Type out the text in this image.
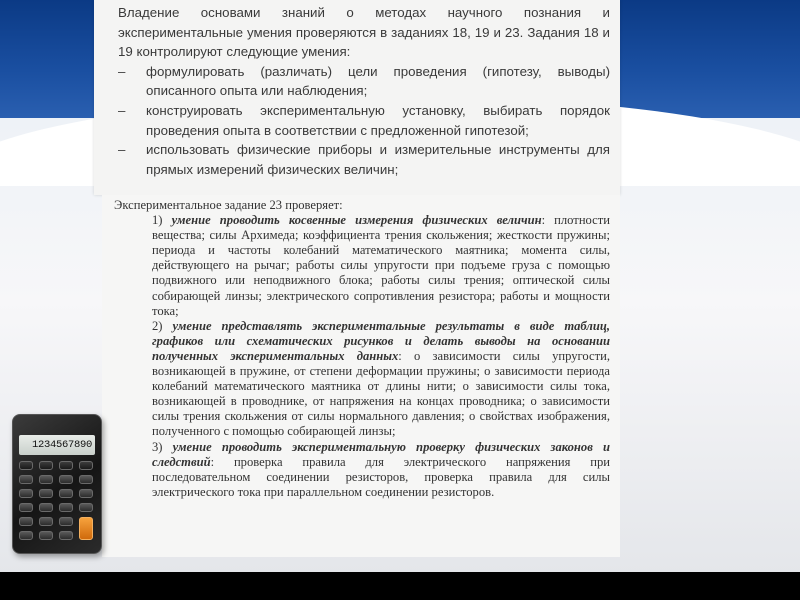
Владение основами знаний о методах научного познания и экспериментальные умения проверяются в заданиях 18, 19 и 23. Задания 18 и 19 контролируют следующие умения:

– формулировать (различать) цели проведения (гипотезу, выводы) описанного опыта или наблюдения;

– конструировать экспериментальную установку, выбирать порядок проведения опыта в соответствии с предложенной гипотезой;

– использовать физические приборы и измерительные инструменты для прямых измерений физических величин;

Экспериментальное задание 23 проверяет:

1) умение проводить косвенные измерения физических величин: плотности вещества; силы Архимеда; коэффициента трения скольжения; жесткости пружины; периода и частоты колебаний математического маятника; момента силы, действующего на рычаг; работы силы упругости при подъеме груза с помощью подвижного или неподвижного блока; работы силы трения; оптической силы собирающей линзы; электрического сопротивления резистора; работы и мощности тока;

2) умение представлять экспериментальные результаты в виде таблиц, графиков или схематических рисунков и делать выводы на основании полученных экспериментальных данных: о зависимости силы упругости, возникающей в пружине, от степени деформации пружины; о зависимости периода колебаний математического маятника от длины нити; о зависимости силы тока, возникающей в проводнике, от напряжения на концах проводника; о зависимости силы трения скольжения от силы нормального давления; о свойствах изображения, полученного с помощью собирающей линзы;

3) умение проводить экспериментальную проверку физических законов и следствий: проверка правила для электрического напряжения при последовательном соединении резисторов, проверка правила для силы электрического тока при параллельном соединении резисторов.

1234567890
